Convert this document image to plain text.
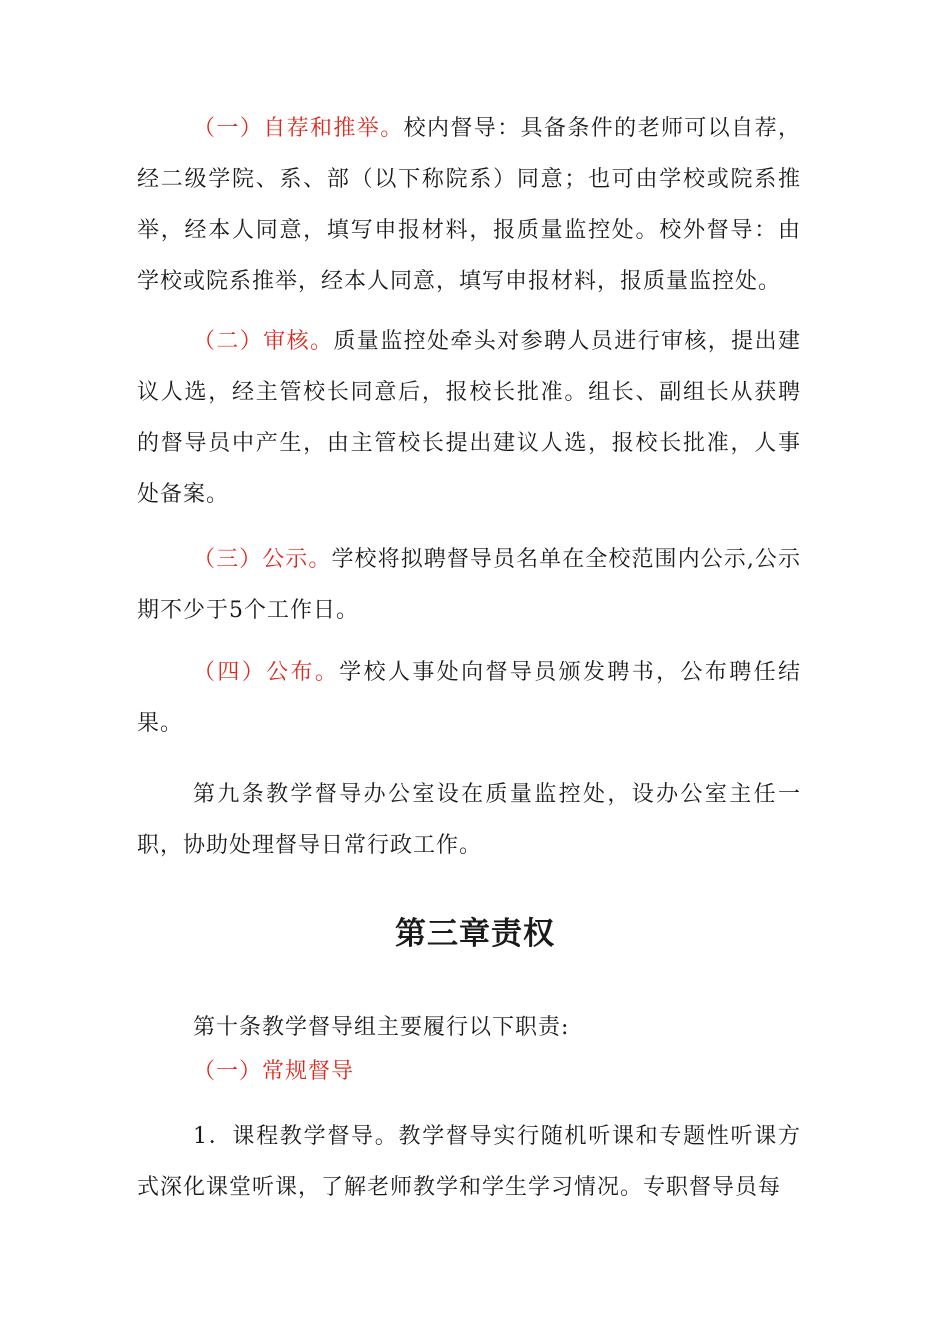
（一）自荐和推举。校内督导：具备条件的老师可以自荐，经二级学院、系、部（以下称院系）同意；也可由学校或院系推举，经本人同意，填写申报材料，报质量监控处。校外督导：由学校或院系推举，经本人同意，填写申报材料，报质量监控处。

（二）审核。质量监控处牵头对参聘人员进行审核，提出建议人选，经主管校长同意后，报校长批准。组长、副组长从获聘的督导员中产生，由主管校长提出建议人选，报校长批准，人事处备案。

（三）公示。学校将拟聘督导员名单在全校范围内公示,公示期不少于5个工作日。

（四）公布。学校人事处向督导员颁发聘书，公布聘任结果。

第九条教学督导办公室设在质量监控处，设办公室主任一职，协助处理督导日常行政工作。

第三章责权

第十条教学督导组主要履行以下职责:

（一）常规督导

1．课程教学督导。教学督导实行随机听课和专题性听课方式深化课堂听课，了解老师教学和学生学习情况。专职督导员每
